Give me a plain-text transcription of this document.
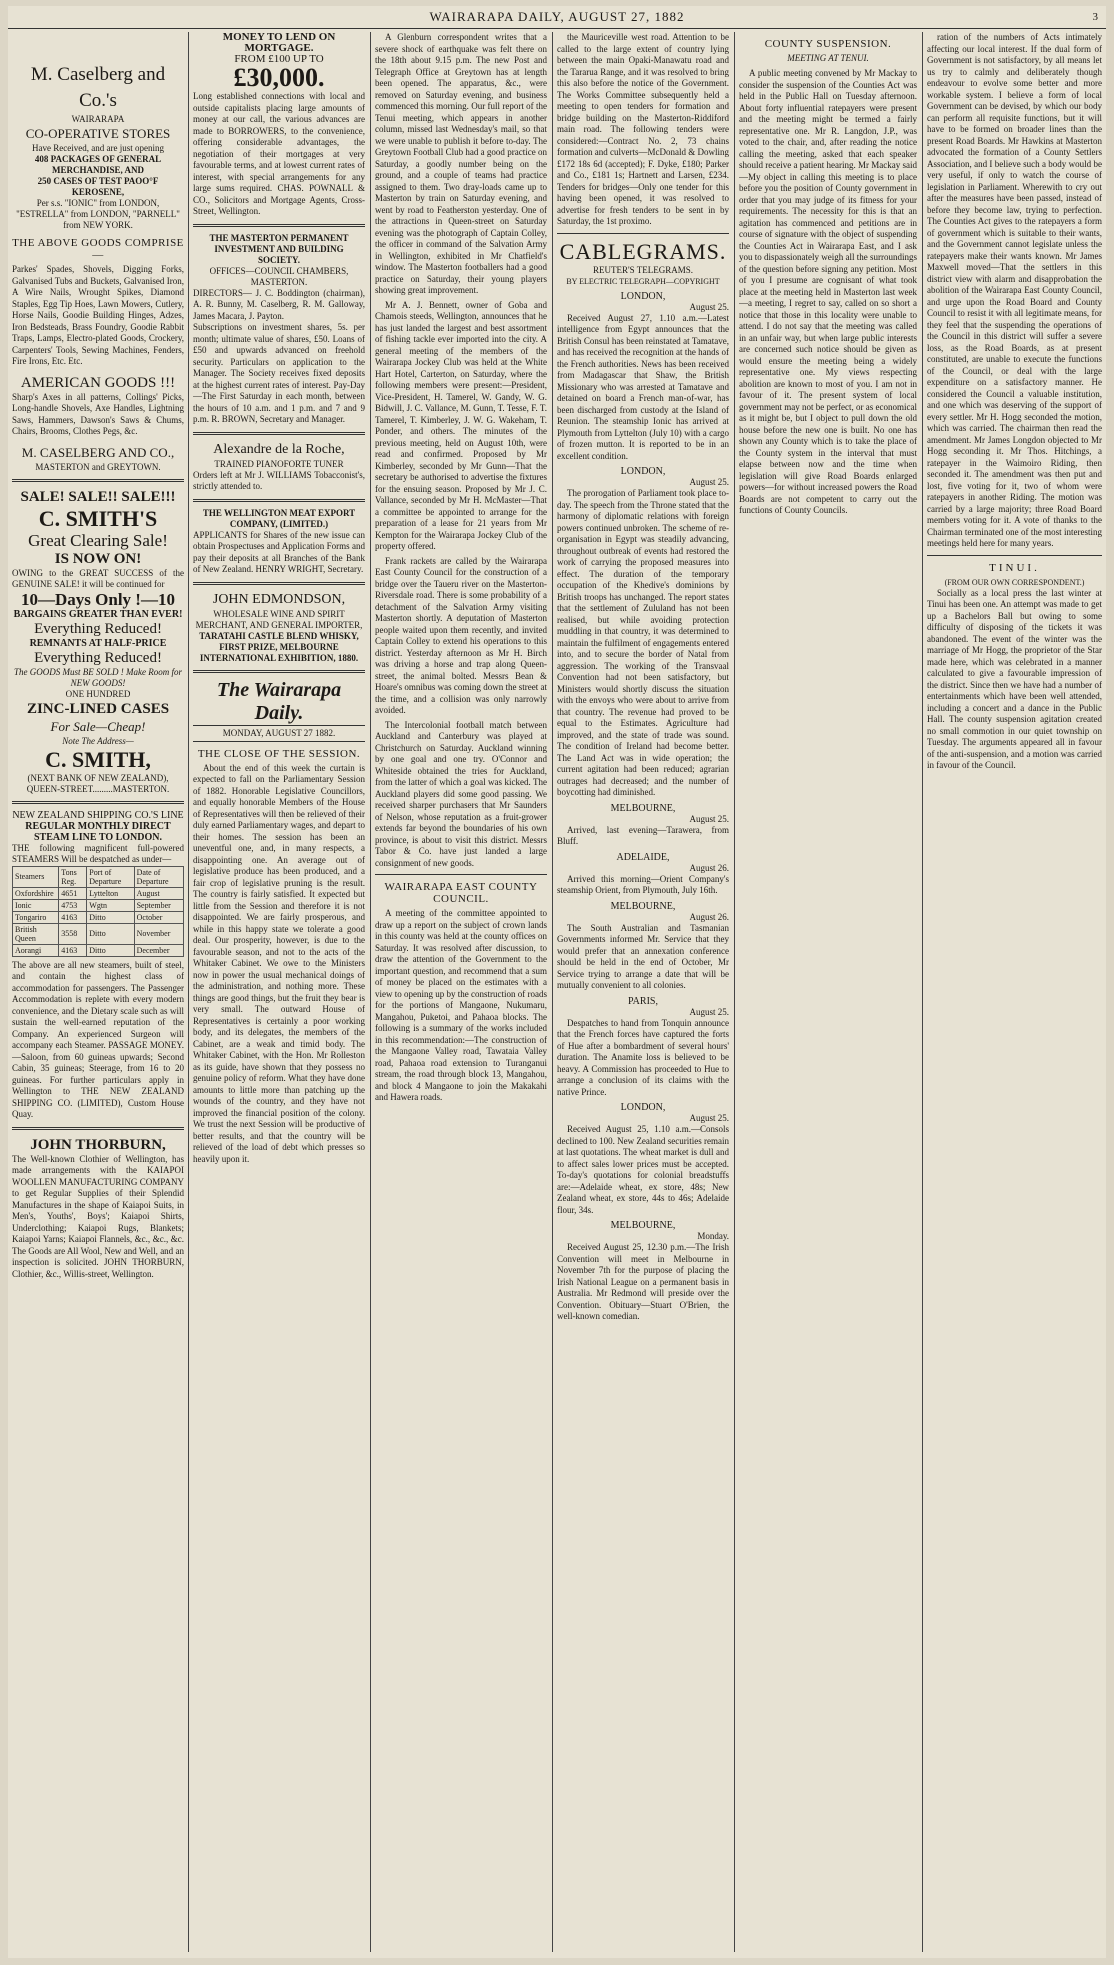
WAIRARAPA DAILY, AUGUST 27, 1882	3
M. Caselberg and Co.'s
WAIRARAPA
CO-OPERATIVE STORES
Have Received, and are just opening
408 PACKAGES OF GENERAL MERCHANDISE, AND
250 CASES OF TEST PAOO°F KEROSENE,
Per s.s. "IONIC" from LONDON, "ESTRELLA" from LONDON, "PARNELL" from NEW YORK.
THE ABOVE GOODS COMPRISE—
Parkes' Spades, Shovels, Digging Forks, Galvanised Tubs and Buckets, Galvanised Iron, A Wire Nails, Wrought Spikes, Diamond Staples, Egg Tip Hoes, Lawn Mowers, Cutlery, Horse Nails, Goodie Building Hinges, Adzes, Iron Bedsteads, Brass Foundry, Goodie Rabbit Traps, Lamps, Electro-plated Goods, Crockery, Carpenters' Tools, Sewing Machines, Fenders, Fire Irons, Etc. Etc.
AMERICAN GOODS !!!
Sharp's Axes in all patterns, Collings' Picks, Long-handle Shovels, Axe Handles, Lightning Saws, Hammers, Dawson's Saws & Chums, Chairs, Brooms, Clothes Pegs, &c.
M. CASELBERG AND CO.,
MASTERTON and GREYTOWN.
SALE! SALE!! SALE!!!
C. SMITH'S
Great Clearing Sale!
IS NOW ON!
OWING to the GREAT SUCCESS of the GENUINE SALE! it will be continued for
10—Days Only !—10
BARGAINS GREATER THAN EVER!
Everything Reduced!
REMNANTS AT HALF-PRICE
Everything Reduced!
The GOODS Must BE SOLD ! Make Room for NEW GOODS!
ONE HUNDRED
ZINC-LINED CASES
For Sale—Cheap!
Note The Address—
C. SMITH,
(NEXT BANK OF NEW ZEALAND),
QUEEN-STREET.........MASTERTON.
NEW ZEALAND SHIPPING CO.'S LINE
REGULAR MONTHLY DIRECT STEAM LINE TO LONDON.
THE following magnificent full-powered STEAMERS Will be despatched as under—
Steamers	Tons Reg.	Port of Departure	Date of Departure
Oxfordshire	4651	Lyttelton	August
Ionic	4753	Wgtn	September
Tongariro	4163	Ditto	October
British Queen	3558	Ditto	November
Aorangi	4163	Ditto	December
The above are all new steamers, built of steel, and contain the highest class of accommodation for passengers. The Passenger Accommodation is replete with every modern convenience, and the Dietary scale such as will sustain the well-earned reputation of the Company. An experienced Surgeon will accompany each Steamer. PASSAGE MONEY.—Saloon, from 60 guineas upwards; Second Cabin, 35 guineas; Steerage, from 16 to 20 guineas. For further particulars apply in Wellington to THE NEW ZEALAND SHIPPING CO. (LIMITED), Custom House Quay.
JOHN THORBURN,
The Well-known Clothier of Wellington, has made arrangements with the KAIAPOI WOOLLEN MANUFACTURING COMPANY to get Regular Supplies of their Splendid Manufactures in the shape of Kaiapoi Suits, in Men's, Youths', Boys'; Kaiapoi Shirts, Underclothing; Kaiapoi Rugs, Blankets; Kaiapoi Yarns; Kaiapoi Flannels, &c., &c., &c. The Goods are All Wool, New and Well, and an inspection is solicited. JOHN THORBURN, Clothier, &c., Willis-street, Wellington.
MONEY TO LEND ON MORTGAGE.
FROM £100 UP TO
£30,000.
Long established connections with local and outside capitalists placing large amounts of money at our call, the various advances are made to BORROWERS, to the convenience, offering considerable advantages, the negotiation of their mortgages at very favourable terms, and at lowest current rates of interest, with special arrangements for any large sums required. CHAS. POWNALL & CO., Solicitors and Mortgage Agents, Cross-Street, Wellington.
THE MASTERTON PERMANENT INVESTMENT AND BUILDING SOCIETY.
OFFICES—COUNCIL CHAMBERS, MASTERTON.
DIRECTORS— J. C. Boddington (chairman), A. R. Bunny, M. Caselberg, R. M. Galloway, James Macara, J. Payton.
Subscriptions on investment shares, 5s. per month; ultimate value of shares, £50. Loans of £50 and upwards advanced on freehold security. Particulars on application to the Manager. The Society receives fixed deposits at the highest current rates of interest. Pay-Day—The First Saturday in each month, between the hours of 10 a.m. and 1 p.m. and 7 and 9 p.m. R. BROWN, Secretary and Manager.
Alexandre de la Roche,
TRAINED PIANOFORTE TUNER
Orders left at Mr J. WILLIAMS Tobacconist's, strictly attended to.
THE WELLINGTON MEAT EXPORT COMPANY, (LIMITED.)
APPLICANTS for Shares of the new issue can obtain Prospectuses and Application Forms and pay their deposits at all Branches of the Bank of New Zealand. HENRY WRIGHT, Secretary.
JOHN EDMONDSON,
WHOLESALE WINE AND SPIRIT MERCHANT, AND GENERAL IMPORTER,
TARATAHI CASTLE BLEND WHISKY, FIRST PRIZE, MELBOURNE INTERNATIONAL EXHIBITION, 1880.
The Wairarapa Daily.
MONDAY, AUGUST 27 1882.
THE CLOSE OF THE SESSION.
About the end of this week the curtain is expected to fall on the Parliamentary Session of 1882. Honorable Legislative Councillors, and equally honorable Members of the House of Representatives will then be relieved of their duly earned Parliamentary wages, and depart to their homes. The session has been an uneventful one, and, in many respects, a disappointing one. An average out of legislative produce has been produced, and a fair crop of legislative pruning is the result. The country is fairly satisfied. It expected but little from the Session and therefore it is not disappointed. We are fairly prosperous, and while in this happy state we tolerate a good deal. Our prosperity, however, is due to the favourable season, and not to the acts of the Whitaker Cabinet. We owe to the Ministers now in power the usual mechanical doings of the administration, and nothing more. These things are good things, but the fruit they bear is very small. The outward House of Representatives is certainly a poor working body, and its delegates, the members of the Cabinet, are a weak and timid body. The Whitaker Cabinet, with the Hon. Mr Rolleston as its guide, have shown that they possess no genuine policy of reform. What they have done amounts to little more than patching up the wounds of the country, and they have not improved the financial position of the colony. We trust the next Session will be productive of better results, and that the country will be relieved of the load of debt which presses so heavily upon it.
A Glenburn correspondent writes that a severe shock of earthquake was felt there on the 18th about 9.15 p.m. The new Post and Telegraph Office at Greytown has at length been opened. The apparatus, &c., were removed on Saturday evening, and business commenced this morning. Our full report of the Tenui meeting, which appears in another column, missed last Wednesday's mail, so that we were unable to publish it before to-day. The Greytown Football Club had a good practice on Saturday, a goodly number being on the ground, and a couple of teams had practice assigned to them. Two dray-loads came up to Masterton by train on Saturday evening, and went by road to Featherston yesterday. One of the attractions in Queen-street on Saturday evening was the photograph of Captain Colley, the officer in command of the Salvation Army in Wellington, exhibited in Mr Chatfield's window. The Masterton footballers had a good practice on Saturday, their young players showing great improvement.
Mr A. J. Bennett, owner of Goba and Chamois steeds, Wellington, announces that he has just landed the largest and best assortment of fishing tackle ever imported into the city. A general meeting of the members of the Wairarapa Jockey Club was held at the White Hart Hotel, Carterton, on Saturday, where the following members were present:—President, Vice-President, H. Tamerel, W. Gandy, W. G. Bidwill, J. C. Vallance, M. Gunn, T. Tesse, F. T. Tamerel, T. Kimberley, J. W. G. Wakeham, T. Ponder, and others. The minutes of the previous meeting, held on August 10th, were read and confirmed. Proposed by Mr Kimberley, seconded by Mr Gunn—That the secretary be authorised to advertise the fixtures for the ensuing season. Proposed by Mr J. C. Vallance, seconded by Mr H. McMaster—That a committee be appointed to arrange for the preparation of a lease for 21 years from Mr Kempton for the Wairarapa Jockey Club of the property offered.
Frank rackets are called by the Wairarapa East County Council for the construction of a bridge over the Taueru river on the Masterton-Riversdale road. There is some probability of a detachment of the Salvation Army visiting Masterton shortly. A deputation of Masterton people waited upon them recently, and invited Captain Colley to extend his operations to this district. Yesterday afternoon as Mr H. Birch was driving a horse and trap along Queen-street, the animal bolted. Messrs Bean & Hoare's omnibus was coming down the street at the time, and a collision was only narrowly avoided.
The Intercolonial football match between Auckland and Canterbury was played at Christchurch on Saturday. Auckland winning by one goal and one try. O'Connor and Whiteside obtained the tries for Auckland, from the latter of which a goal was kicked. The Auckland players did some good passing. We received sharper purchasers that Mr Saunders of Nelson, whose reputation as a fruit-grower extends far beyond the boundaries of his own province, is about to visit this district. Messrs Tabor & Co. have just landed a large consignment of new goods.
WAIRARAPA EAST COUNTY COUNCIL.
A meeting of the committee appointed to draw up a report on the subject of crown lands in this county was held at the county offices on Saturday. It was resolved after discussion, to draw the attention of the Government to the important question, and recommend that a sum of money be placed on the estimates with a view to opening up by the construction of roads for the portions of Mangaone, Nukumaru, Mangahou, Puketoi, and Pahaoa blocks. The following is a summary of the works included in this recommendation:—The construction of the Mangaone Valley road, Tawataia Valley road, Pahaoa road extension to Turanganui stream, the road through block 13, Mangahou, and block 4 Mangaone to join the Makakahi and Hawera roads.
the Mauriceville west road. Attention to be called to the large extent of country lying between the main Opaki-Manawatu road and the Tararua Range, and it was resolved to bring this also before the notice of the Government. The Works Committee subsequently held a meeting to open tenders for formation and bridge building on the Masterton-Riddiford main road. The following tenders were considered:—Contract No. 2, 73 chains formation and culverts—McDonald & Dowling £172 18s 6d (accepted); F. Dyke, £180; Parker and Co., £181 1s; Hartnett and Larsen, £234. Tenders for bridges—Only one tender for this having been opened, it was resolved to advertise for fresh tenders to be sent in by Saturday, the 1st proximo.
CABLEGRAMS.
REUTER'S TELEGRAMS.
BY ELECTRIC TELEGRAPH—COPYRIGHT
LONDON,
August 25.
Received August 27, 1.10 a.m.—Latest intelligence from Egypt announces that the British Consul has been reinstated at Tamatave, and has received the recognition at the hands of the French authorities. News has been received from Madagascar that Shaw, the British Missionary who was arrested at Tamatave and detained on board a French man-of-war, has been discharged from custody at the Island of Reunion. The steamship Ionic has arrived at Plymouth from Lyttelton (July 10) with a cargo of frozen mutton. It is reported to be in an excellent condition.
LONDON,
August 25.
The prorogation of Parliament took place to-day. The speech from the Throne stated that the harmony of diplomatic relations with foreign powers continued unbroken. The scheme of re-organisation in Egypt was steadily advancing, throughout outbreak of events had restored the work of carrying the proposed measures into effect. The duration of the temporary occupation of the Khedive's dominions by British troops has unchanged. The report states that the settlement of Zululand has not been realised, but while avoiding protection muddling in that country, it was determined to maintain the fulfilment of engagements entered into, and to secure the border of Natal from aggression. The working of the Transvaal Convention had not been satisfactory, but Ministers would shortly discuss the situation with the envoys who were about to arrive from that country. The revenue had proved to be equal to the Estimates. Agriculture had improved, and the state of trade was sound. The condition of Ireland had become better. The Land Act was in wide operation; the current agitation had been reduced; agrarian outrages had decreased; and the number of boycotting had diminished.
MELBOURNE,
August 25.
Arrived, last evening—Tarawera, from Bluff.
ADELAIDE,
August 26.
Arrived this morning—Orient Company's steamship Orient, from Plymouth, July 16th.
MELBOURNE,
August 26.
The South Australian and Tasmanian Governments informed Mr. Service that they would prefer that an annexation conference should be held in the end of October, Mr Service trying to arrange a date that will be mutually convenient to all colonies.
PARIS,
August 25.
Despatches to hand from Tonquin announce that the French forces have captured the forts of Hue after a bombardment of several hours' duration. The Anamite loss is believed to be heavy. A Commission has proceeded to Hue to arrange a conclusion of its claims with the native Prince.
LONDON,
August 25.
Received August 25, 1.10 a.m.—Consols declined to 100. New Zealand securities remain at last quotations. The wheat market is dull and to affect sales lower prices must be accepted. To-day's quotations for colonial breadstuffs are:—Adelaide wheat, ex store, 48s; New Zealand wheat, ex store, 44s to 46s; Adelaide flour, 34s.
MELBOURNE,
Monday.
Received August 25, 12.30 p.m.—The Irish Convention will meet in Melbourne in November 7th for the purpose of placing the Irish National League on a permanent basis in Australia. Mr Redmond will preside over the Convention. Obituary—Stuart O'Brien, the well-known comedian.
COUNTY SUSPENSION.
MEETING AT TENUI.
A public meeting convened by Mr Mackay to consider the suspension of the Counties Act was held in the Public Hall on Tuesday afternoon. About forty influential ratepayers were present and the meeting might be termed a fairly representative one. Mr R. Langdon, J.P., was voted to the chair, and, after reading the notice calling the meeting, asked that each speaker should receive a patient hearing. Mr Mackay said—My object in calling this meeting is to place before you the position of County government in order that you may judge of its fitness for your requirements. The necessity for this is that an agitation has commenced and petitions are in course of signature with the object of suspending the Counties Act in Wairarapa East, and I ask you to dispassionately weigh all the surroundings of the question before signing any petition. Most of you I presume are cognisant of what took place at the meeting held in Masterton last week—a meeting, I regret to say, called on so short a notice that those in this locality were unable to attend. I do not say that the meeting was called in an unfair way, but when large public interests are concerned such notice should be given as would ensure the meeting being a widely representative one. My views respecting abolition are known to most of you. I am not in favour of it. The present system of local government may not be perfect, or as economical as it might be, but I object to pull down the old house before the new one is built. No one has shown any County which is to take the place of the County system in the interval that must elapse between now and the time when legislation will give Road Boards enlarged powers—for without increased powers the Road Boards are not competent to carry out the functions of County Councils.
ration of the numbers of Acts intimately affecting our local interest. If the dual form of Government is not satisfactory, by all means let us try to calmly and deliberately though endeavour to evolve some better and more workable system. I believe a form of local Government can be devised, by which our body can perform all requisite functions, but it will have to be formed on broader lines than the present Road Boards. Mr Hawkins at Masterton advocated the formation of a County Settlers Association, and I believe such a body would be very useful, if only to watch the course of legislation in Parliament. Wherewith to cry out after the measures have been passed, instead of before they become law, trying to perfection. The Counties Act gives to the ratepayers a form of government which is suitable to their wants, and the Government cannot legislate unless the ratepayers make their wants known. Mr James Maxwell moved—That the settlers in this district view with alarm and disapprobation the abolition of the Wairarapa East County Council, and urge upon the Road Board and County Council to resist it with all legitimate means, for they feel that the suspending the operations of the Council in this district will suffer a severe loss, as the Road Boards, as at present constituted, are unable to execute the functions of the Council, or deal with the large expenditure on a satisfactory manner. He considered the Council a valuable institution, and one which was deserving of the support of every settler. Mr H. Hogg seconded the motion, which was carried. The chairman then read the amendment. Mr James Longdon objected to Mr Hogg seconding it. Mr Thos. Hitchings, a ratepayer in the Waimoiro Riding, then seconded it. The amendment was then put and lost, five voting for it, two of whom were ratepayers in another Riding. The motion was carried by a large majority; three Road Board members voting for it. A vote of thanks to the Chairman terminated one of the most interesting meetings held here for many years.
TINUI.
(FROM OUR OWN CORRESPONDENT.)
Socially as a local press the last winter at Tinui has been one. An attempt was made to get up a Bachelors Ball but owing to some difficulty of disposing of the tickets it was abandoned. The event of the winter was the marriage of Mr Hogg, the proprietor of the Star made here, which was celebrated in a manner calculated to give a favourable impression of the district. Since then we have had a number of entertainments which have been well attended, including a concert and a dance in the Public Hall. The county suspension agitation created no small commotion in our quiet township on Tuesday. The arguments appeared all in favour of the anti-suspension, and a motion was carried in favour of the Council.
